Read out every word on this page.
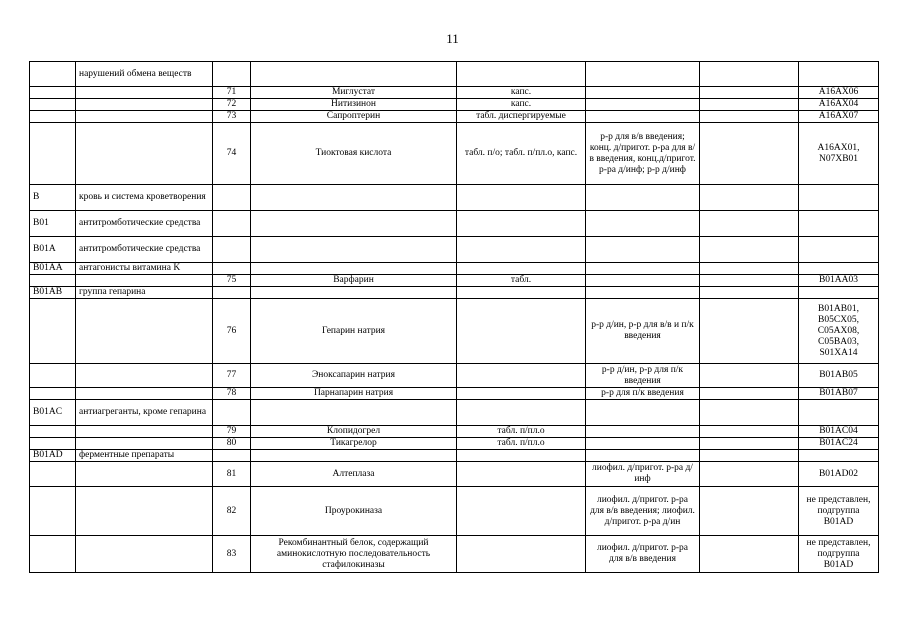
11
	нарушений обмена веществ						
		71	Миглустат	капс.			A16AX06
		72	Нитизинон	капс.			A16AX04
		73	Сапроптерин	табл. диспергируемые			A16AX07
		74	Тиоктовая кислота	табл. п/о; табл. п/пл.о, капс.	р-р для в/в введения; конц. д/пригот. р-ра для в/в введения, конц.д/пригот. р-ра д/инф; р-р д/инф		A16AX01, N07XB01
B	кровь и система кроветворения						
B01	антитромботические средства						
B01A	антитромботические средства						
B01AA	антагонисты витамина K						
		75	Варфарин	табл.			B01AA03
B01AB	группа гепарина						
		76	Гепарин натрия		р-р д/ин, р-р для в/в и п/к введения		B01AB01, B05CX05, C05AX08, C05BA03, S01XA14
		77	Эноксапарин натрия		р-р д/ин, р-р для п/к введения		B01AB05
		78	Парнапарин натрия		р-р для п/к введения		B01AB07
B01AC	антиагреганты, кроме гепарина						
		79	Клопидогрел	табл. п/пл.о			B01AC04
		80	Тикагрелор	табл. п/пл.о			B01AC24
B01AD	ферментные препараты						
		81	Алтеплаза		лиофил. д/пригот. р-ра д/инф		B01AD02
		82	Проурокиназа		лиофил. д/пригот. р-ра для в/в введения; лиофил. д/пригот. р-ра д/ин		не представлен, подгруппа B01AD
		83	Рекомбинантный белок, содержащий аминокислотную последовательность стафилокиназы		лиофил. д/пригот. р-ра для в/в введения		не представлен, подгруппа B01AD
